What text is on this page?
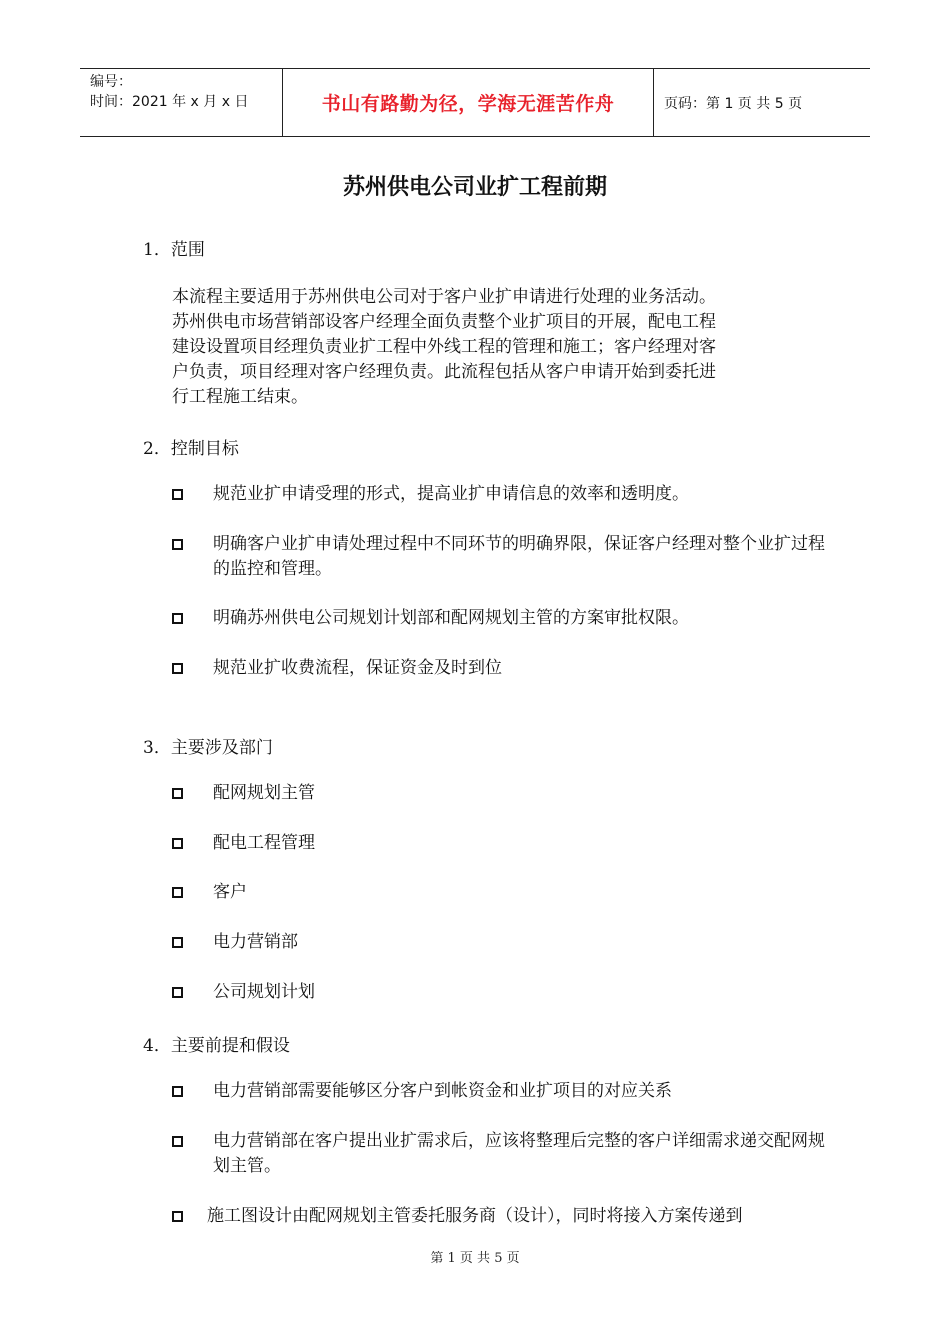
编号：
时间：2021 年 x 月 x 日	书山有路勤为径，学海无涯苦作舟	页码：第 1 页 共 5 页
苏州供电公司业扩工程前期
1．范围
本流程主要适用于苏州供电公司对于客户业扩申请进行处理的业务活动。
苏州供电市场营销部设客户经理全面负责整个业扩项目的开展，配电工程
建设设置项目经理负责业扩工程中外线工程的管理和施工；客户经理对客
户负责，项目经理对客户经理负责。此流程包括从客户申请开始到委托进
行工程施工结束。
2．控制目标
规范业扩申请受理的形式，提高业扩申请信息的效率和透明度。
明确客户业扩申请处理过程中不同环节的明确界限，保证客户经理对整个业扩过程的监控和管理。
明确苏州供电公司规划计划部和配网规划主管的方案审批权限。
规范业扩收费流程，保证资金及时到位
3．主要涉及部门
配网规划主管
配电工程管理
客户
电力营销部
公司规划计划
4．主要前提和假设
电力营销部需要能够区分客户到帐资金和业扩项目的对应关系
电力营销部在客户提出业扩需求后，应该将整理后完整的客户详细需求递交配网规划主管。
施工图设计由配网规划主管委托服务商（设计），同时将接入方案传递到
第 1 页 共 5 页
